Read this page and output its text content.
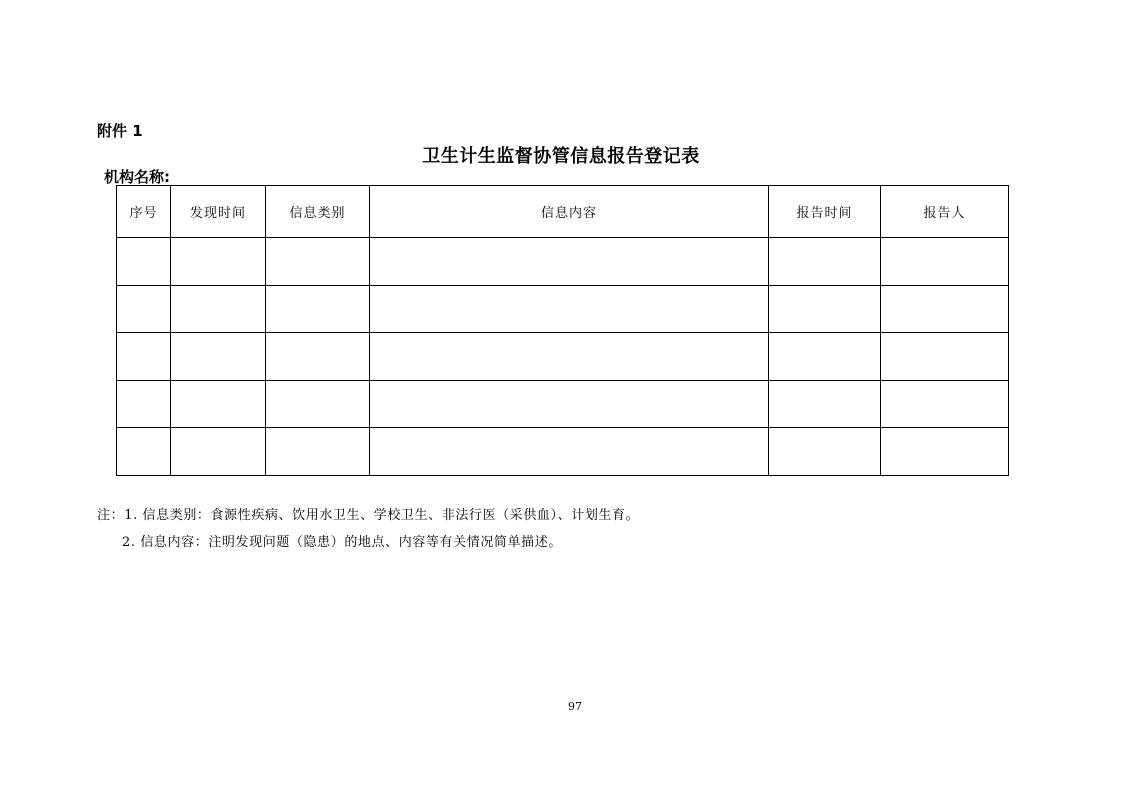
附件 1
卫生计生监督协管信息报告登记表
机构名称:
序号	发现时间	信息类别	信息内容	报告时间	报告人

注：1. 信息类别：食源性疾病、饮用水卫生、学校卫生、非法行医（采供血）、计划生育。
2. 信息内容：注明发现问题（隐患）的地点、内容等有关情况简单描述。
97
